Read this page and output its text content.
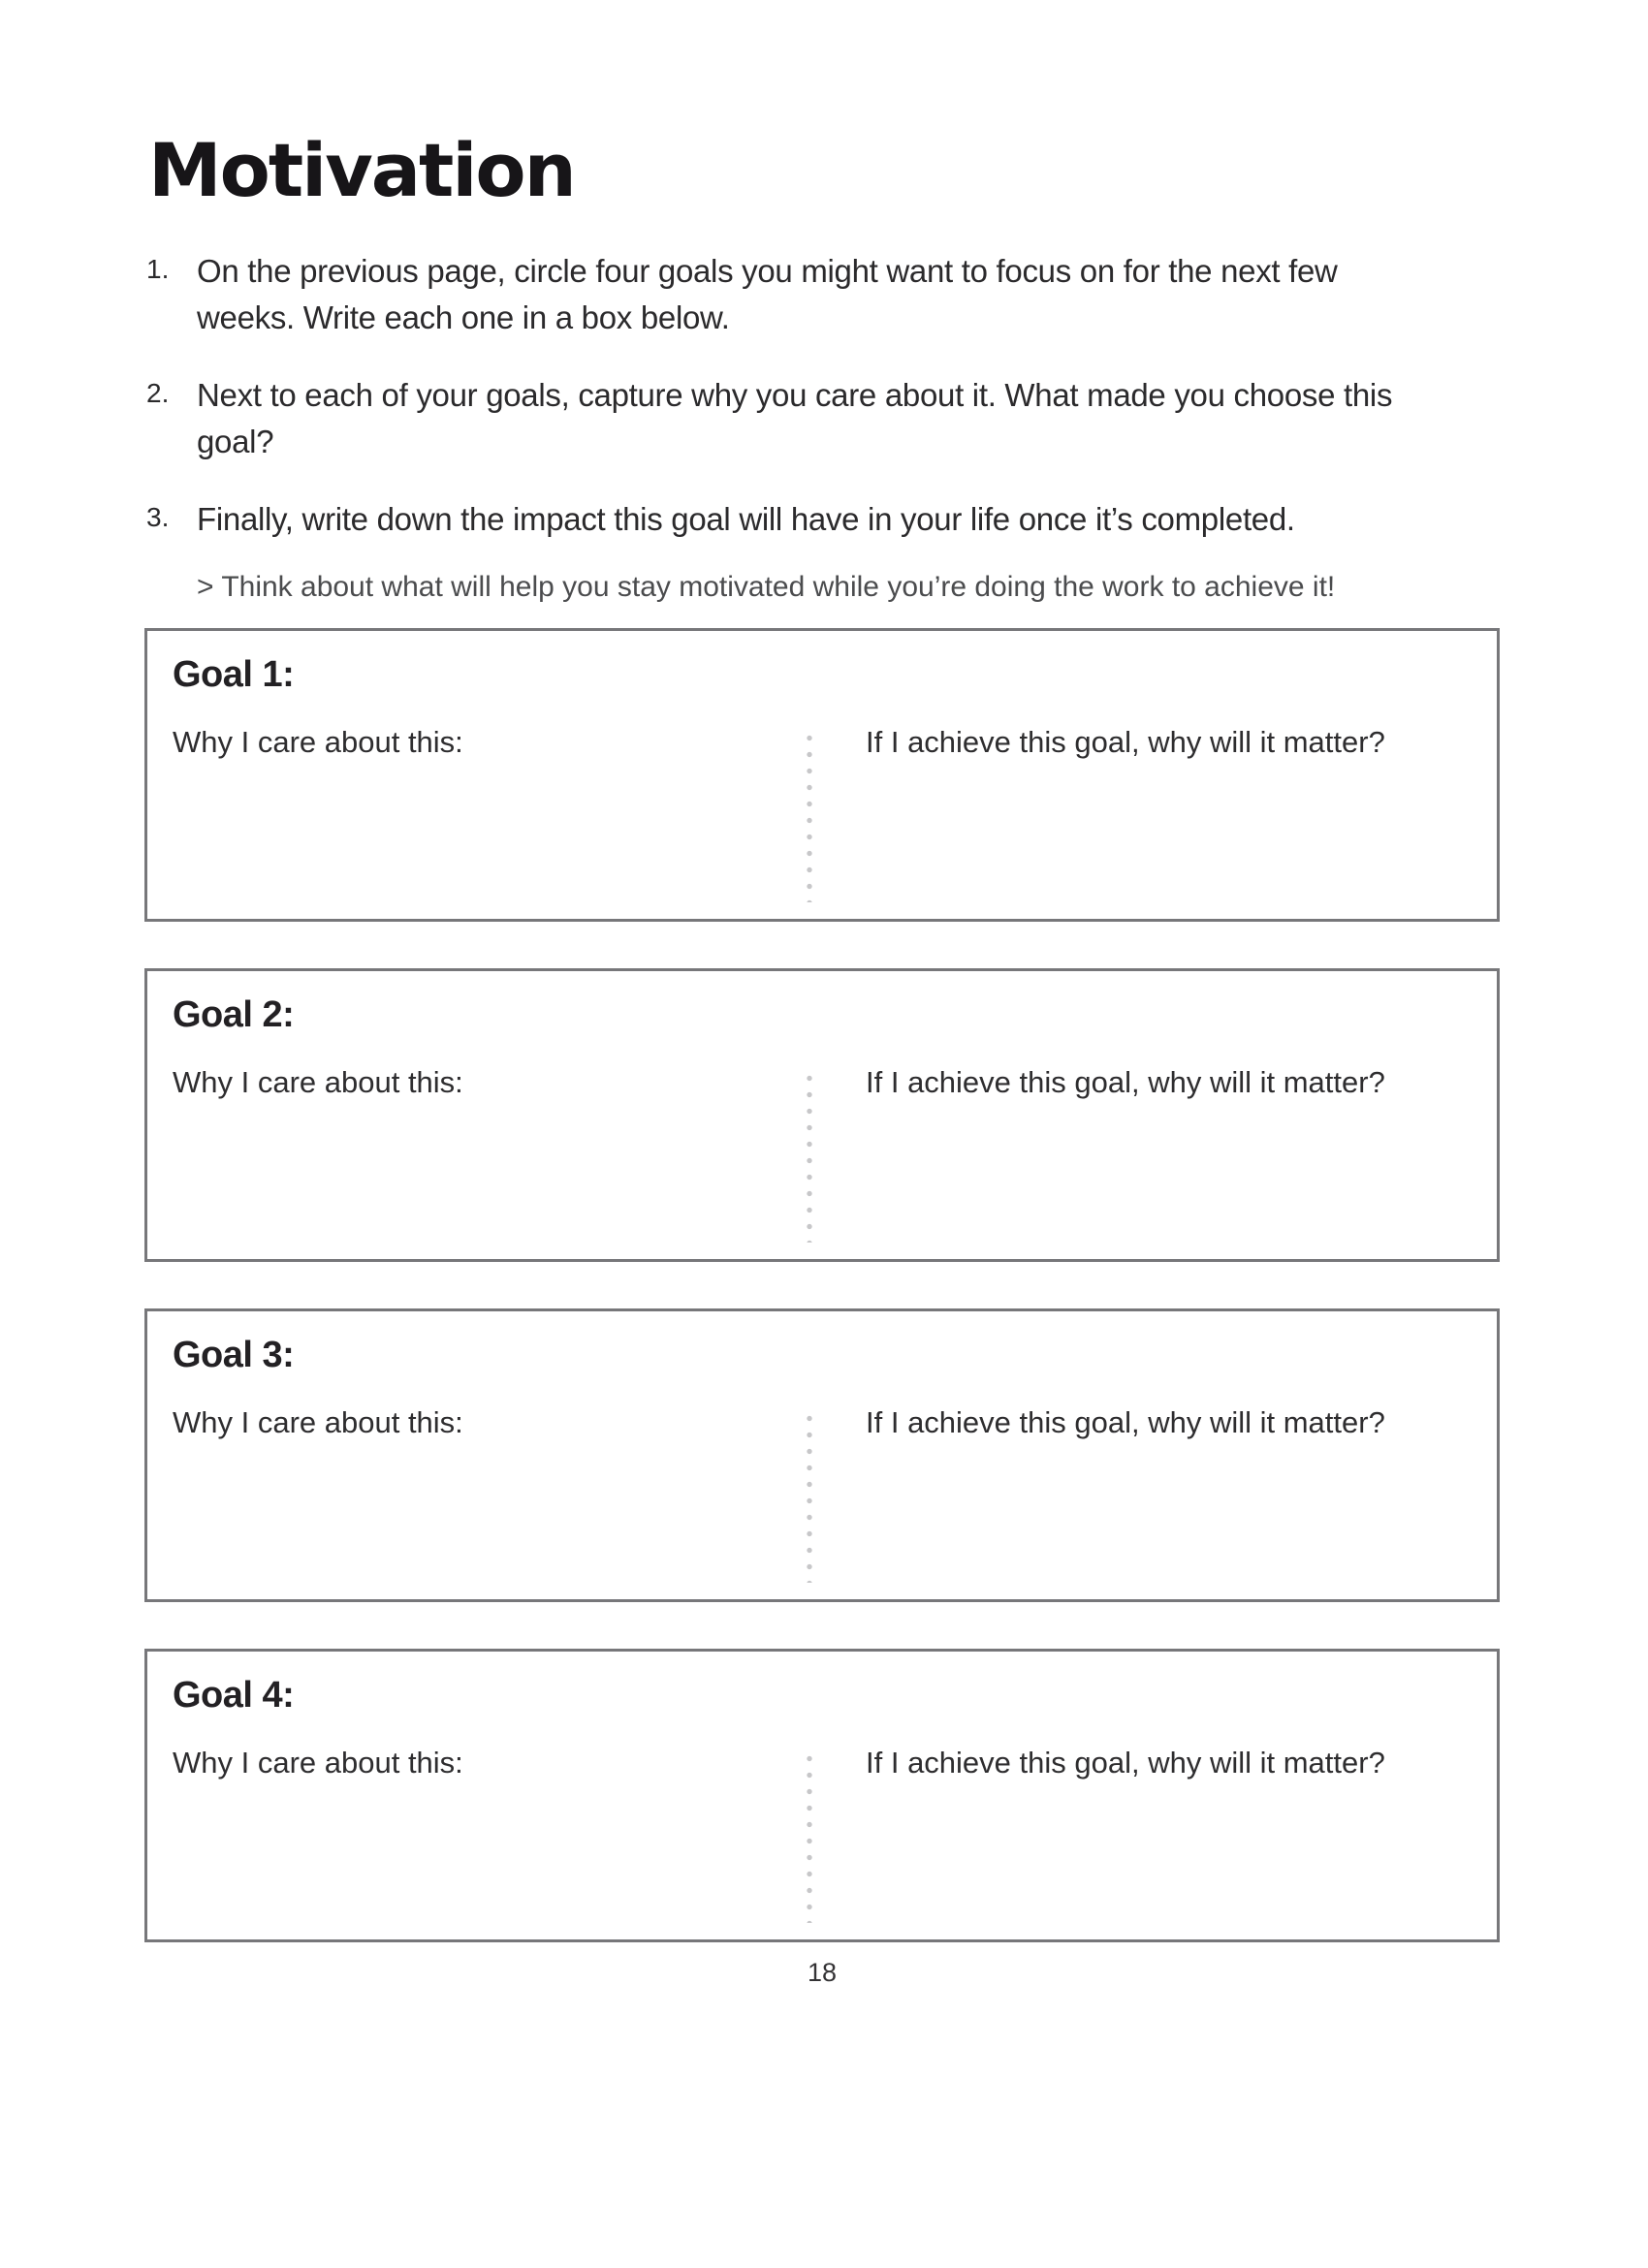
Motivation
1. On the previous page, circle four goals you might want to focus on for the next few weeks. Write each one in a box below.

2. Next to each of your goals, capture why you care about it. What made you choose this goal?

3. Finally, write down the impact this goal will have in your life once it’s completed.

> Think about what will help you stay motivated while you’re doing the work to achieve it!

Goal 1:
Why I care about this:	If I achieve this goal, why will it matter?
Goal 2:
Why I care about this:	If I achieve this goal, why will it matter?
Goal 3:
Why I care about this:	If I achieve this goal, why will it matter?
Goal 4:
Why I care about this:	If I achieve this goal, why will it matter?
18
